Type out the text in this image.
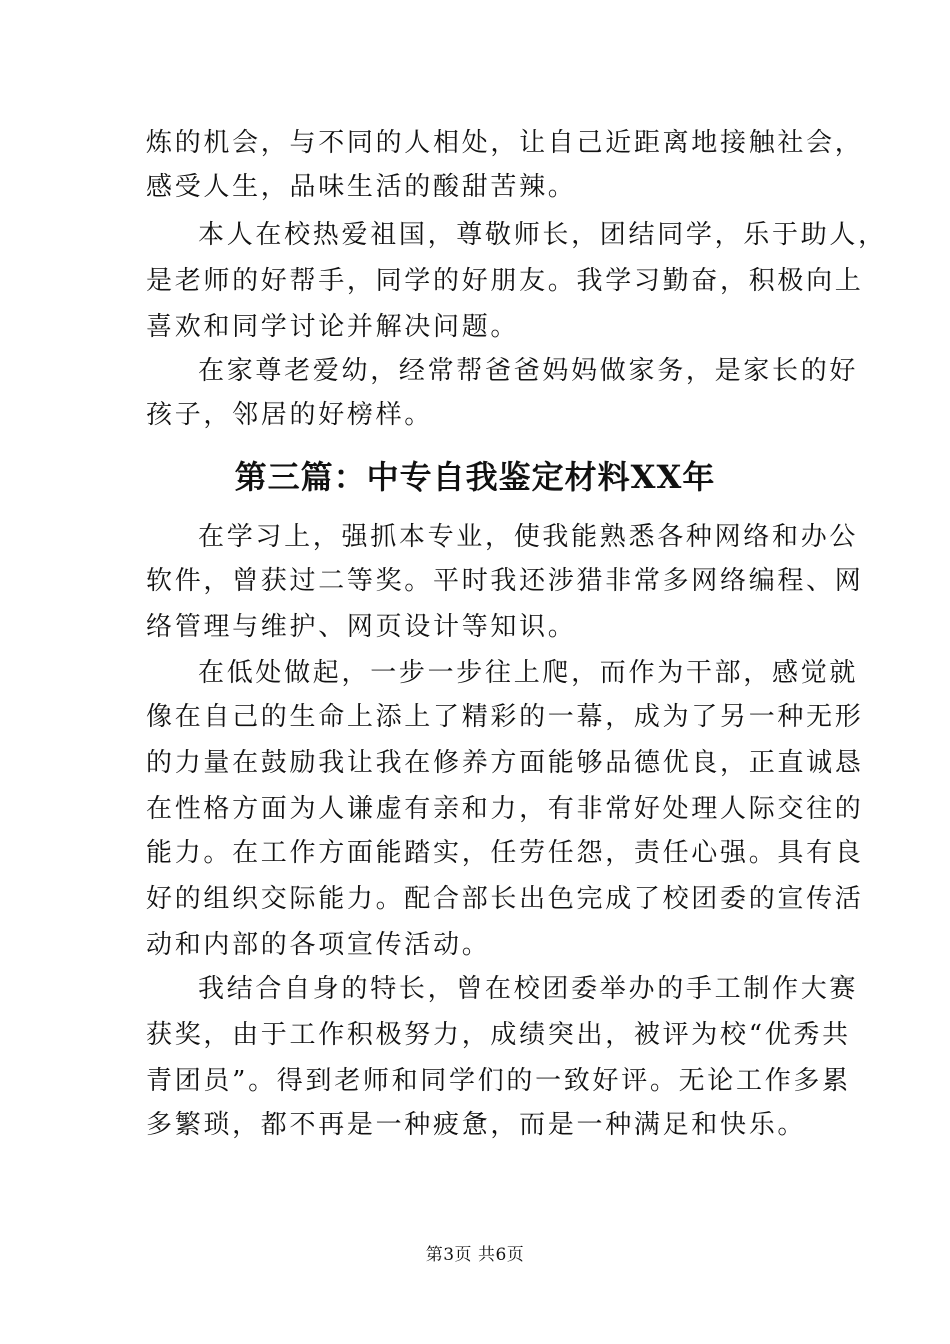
炼的机会，与不同的人相处，让自己近距离地接触社会，
感受人生，品味生活的酸甜苦辣。
本人在校热爱祖国，尊敬师长，团结同学，乐于助人，
是老师的好帮手，同学的好朋友。我学习勤奋，积极向上
喜欢和同学讨论并解决问题。
在家尊老爱幼，经常帮爸爸妈妈做家务，是家长的好
孩子，邻居的好榜样。
第三篇：中专自我鉴定材料XX年
在学习上，强抓本专业，使我能熟悉各种网络和办公
软件，曾获过二等奖。平时我还涉猎非常多网络编程、网
络管理与维护、网页设计等知识。
在低处做起，一步一步往上爬，而作为干部，感觉就
像在自己的生命上添上了精彩的一幕，成为了另一种无形
的力量在鼓励我让我在修养方面能够品德优良，正直诚恳
在性格方面为人谦虚有亲和力，有非常好处理人际交往的
能力。在工作方面能踏实，任劳任怨，责任心强。具有良
好的组织交际能力。配合部长出色完成了校团委的宣传活
动和内部的各项宣传活动。
我结合自身的特长，曾在校团委举办的手工制作大赛
获奖，由于工作积极努力，成绩突出，被评为校“优秀共
青团员”。得到老师和同学们的一致好评。无论工作多累
多繁琐，都不再是一种疲惫，而是一种满足和快乐。
第3页 共6页
